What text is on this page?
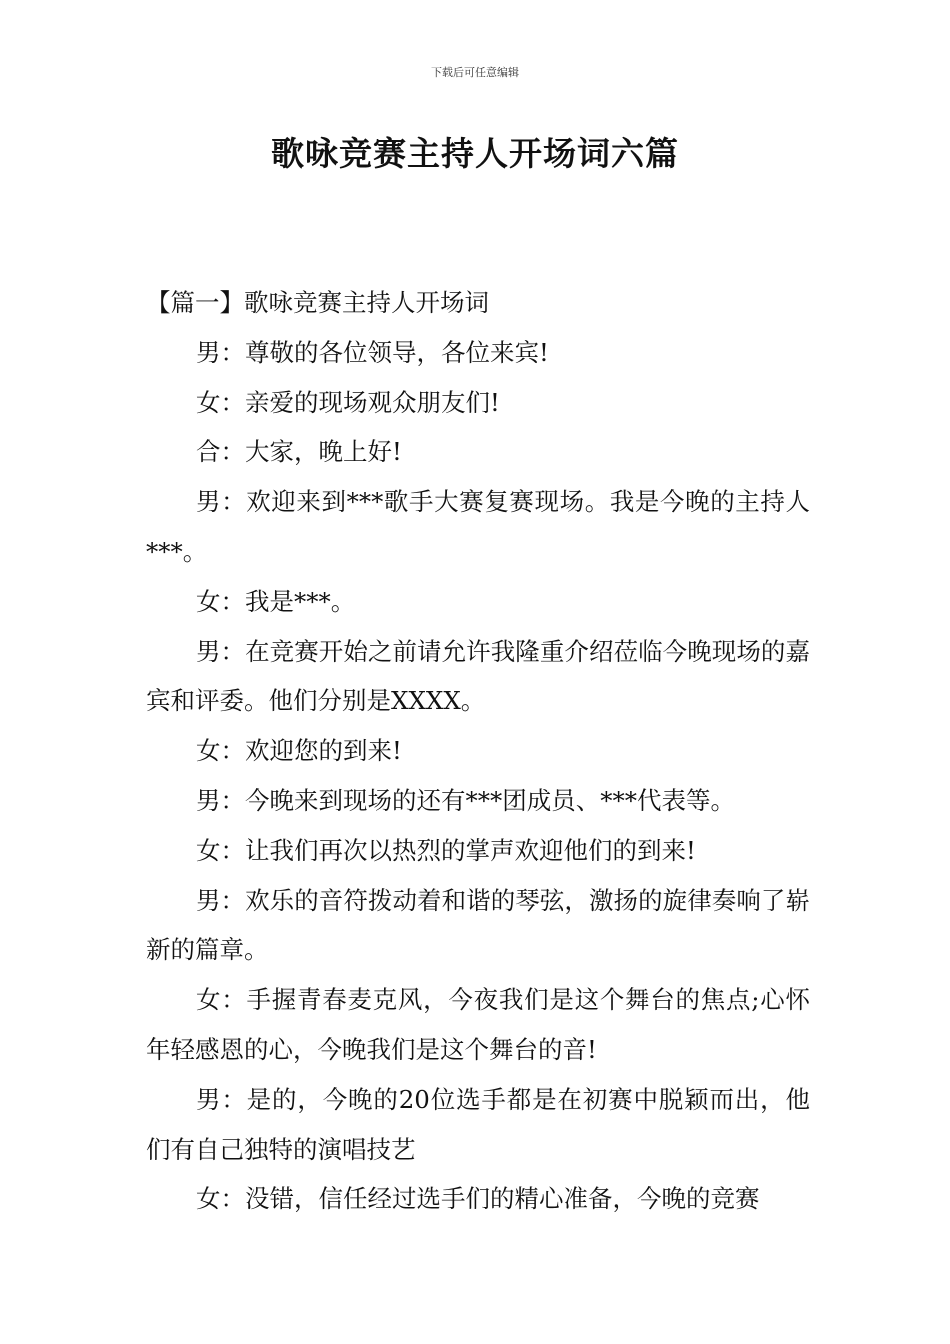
下载后可任意编辑
歌咏竞赛主持人开场词六篇

【篇一】歌咏竞赛主持人开场词

男：尊敬的各位领导，各位来宾!

女：亲爱的现场观众朋友们!

合：大家，晚上好!

男：欢迎来到***歌手大赛复赛现场。我是今晚的主持人***。

女：我是***。

男：在竞赛开始之前请允许我隆重介绍莅临今晚现场的嘉宾和评委。他们分别是XXXX。

女：欢迎您的到来!

男：今晚来到现场的还有***团成员、***代表等。

女：让我们再次以热烈的掌声欢迎他们的到来!

男：欢乐的音符拨动着和谐的琴弦，激扬的旋律奏响了崭新的篇章。

女：手握青春麦克风，今夜我们是这个舞台的焦点;心怀年轻感恩的心，今晚我们是这个舞台的音!

男：是的，今晚的20位选手都是在初赛中脱颖而出，他们有自己独特的演唱技艺

女：没错，信任经过选手们的精心准备，今晚的竞赛
